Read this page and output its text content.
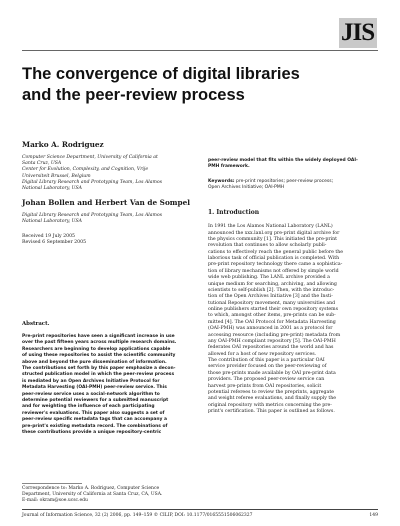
JIS
The convergence of digital libraries
and the peer-review process
Marko A. Rodriguez
Computer Science Department, University of California at
Santa Cruz, USA
Center for Evolution, Complexity, and Cognition, Vrije
Universiteit Brussel, Belgium
Digital Library Research and Prototyping Team, Los Alamos
National Laboratory, USA
Johan Bollen and Herbert Van de Sompel
Digital Library Research and Prototyping Team, Los Alamos
National Laboratory, USA
Received 19 July 2005
Revised 6 September 2005
Abstract.
Pre-print repositories have seen a significant increase in use
over the past fifteen years across multiple research domains.
Researchers are beginning to develop applications capable
of using these repositories to assist the scientific community
above and beyond the pure dissemination of information.
The contributions set forth by this paper emphasize a decon-
structed publication model in which the peer-review process
is mediated by an Open Archives Initiative Protocol for
Metadata Harvesting (OAI-PMH) peer-review service. This
peer-review service uses a social-network algorithm to
determine potential reviewers for a submitted manuscript
and for weighting the influence of each participating
reviewer's evaluations. This paper also suggests a set of
peer-review specific metadata tags that can accompany a
pre-print's existing metadata record. The combinations of
these contributions provide a unique repository-centric
Correspondence to: Marko A. Rodriguez, Computer Science
Department, University of California at Santa Cruz, CA, USA.
E-mail: okram@soe.ucsc.edu
peer-review model that fits within the widely deployed OAI-
PMH framework.
Keywords: pre-print repositories; peer-review process;
Open Archives Initiative; OAI-PMH
1. Introduction
In 1991 the Los Alamos National Laboratory (LANL)
announced the xxx.lanl.org pre-print digital archive for
the physics community [1]. This initiated the pre-print
revolution that continues to allow scholarly publi-
cations to effectively reach the general public before the
laborious task of official publication is completed. With
pre-print repository technology there came a sophistica-
tion of library mechanisms not offered by simple world
wide web publishing. The LANL archive provided a
unique medium for searching, archiving, and allowing
scientists to self-publish [2]. Then, with the introduc-
tion of the Open Archives Initiative [3] and the Insti-
tutional Repository movement, many universities and
online publishers started their own repository systems
to which, amongst other items, pre-prints can be sub-
mitted [4]. The OAI Protocol for Metadata Harvesting
(OAI-PMH) was announced in 2001 as a protocol for
accessing resource (including pre-print) metadata from
any OAI-PMH compliant repository [5]. The OAI-PMH
federates OAI repositories around the world and has
allowed for a host of new repository services.
The contribution of this paper is a particular OAI
service provider focused on the peer-reviewing of
those pre-prints made available by OAI pre-print data
providers. The proposed peer-review service can
harvest pre-prints from OAI repositories, solicit
potential referees to review the preprints, aggregate
and weight referee evaluations, and finally supply the
original repository with metrics concerning the pre-
print's certification. This paper is outlined as follows.
Journal of Information Science, 32 (2) 2006, pp. 149–159 © CILIP, DOI: 10.1177/0165551506062327	149
